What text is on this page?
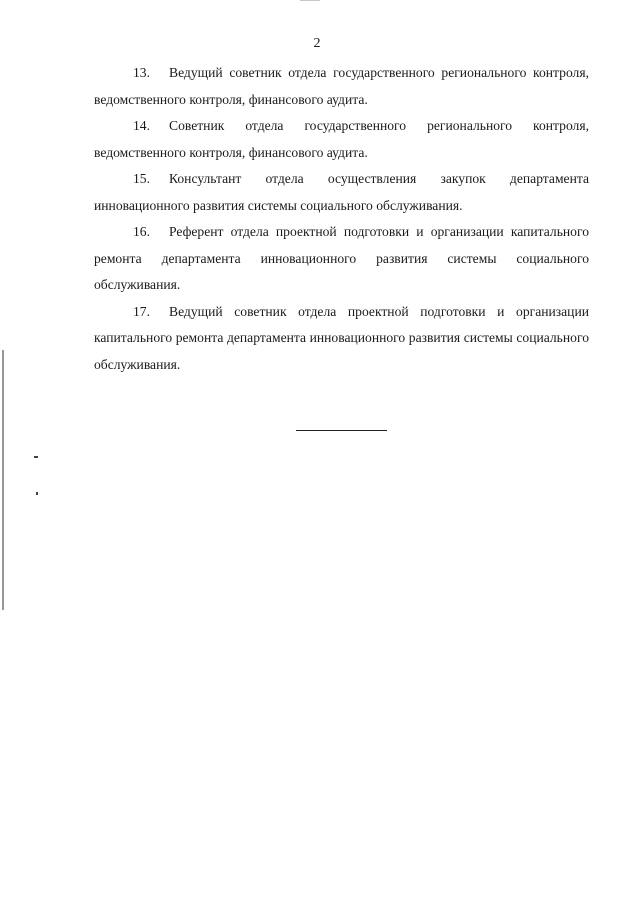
2

13. Ведущий советник отдела государственного регионального контроля, ведомственного контроля, финансового аудита.

14. Советник отдела государственного регионального контроля, ведомственного контроля, финансового аудита.

15. Консультант отдела осуществления закупок департамента инновационного развития системы социального обслуживания.

16. Референт отдела проектной подготовки и организации капитального ремонта департамента инновационного развития системы социального обслуживания.

17. Ведущий советник отдела проектной подготовки и организации капитального ремонта департамента инновационного развития системы социального обслуживания.
